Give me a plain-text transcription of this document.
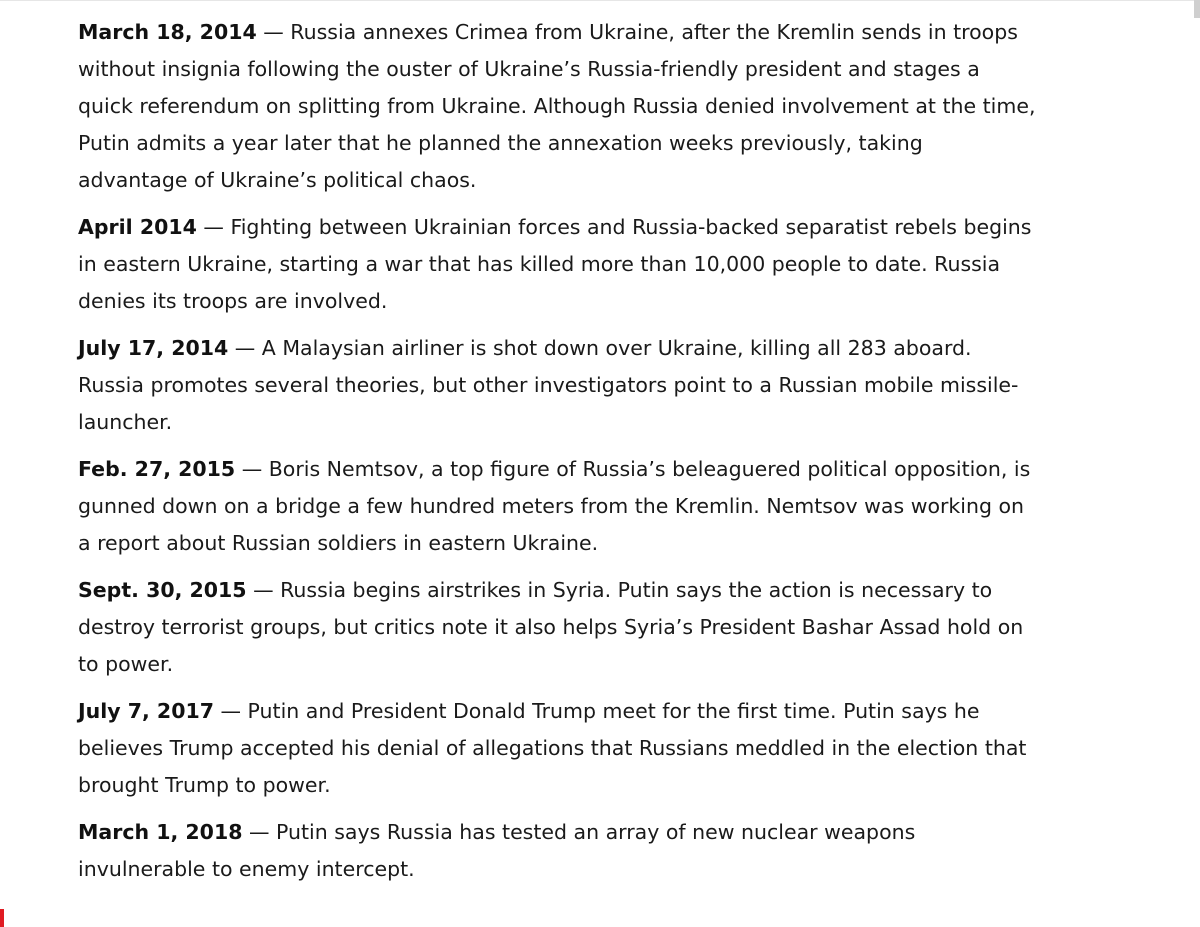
March 18, 2014 — Russia annexes Crimea from Ukraine, after the Kremlin sends in troops without insignia following the ouster of Ukraine’s Russia-friendly president and stages a quick referendum on splitting from Ukraine. Although Russia denied involvement at the time, Putin admits a year later that he planned the annexation weeks previously, taking advantage of Ukraine’s political chaos.

April 2014 — Fighting between Ukrainian forces and Russia-backed separatist rebels begins in eastern Ukraine, starting a war that has killed more than 10,000 people to date. Russia denies its troops are involved.

July 17, 2014 — A Malaysian airliner is shot down over Ukraine, killing all 283 aboard. Russia promotes several theories, but other investigators point to a Russian mobile missile-launcher.

Feb. 27, 2015 — Boris Nemtsov, a top figure of Russia’s beleaguered political opposition, is gunned down on a bridge a few hundred meters from the Kremlin. Nemtsov was working on a report about Russian soldiers in eastern Ukraine.

Sept. 30, 2015 — Russia begins airstrikes in Syria. Putin says the action is necessary to destroy terrorist groups, but critics note it also helps Syria’s President Bashar Assad hold on to power.

July 7, 2017 — Putin and President Donald Trump meet for the first time. Putin says he believes Trump accepted his denial of allegations that Russians meddled in the election that brought Trump to power.

March 1, 2018 — Putin says Russia has tested an array of new nuclear weapons invulnerable to enemy intercept.
